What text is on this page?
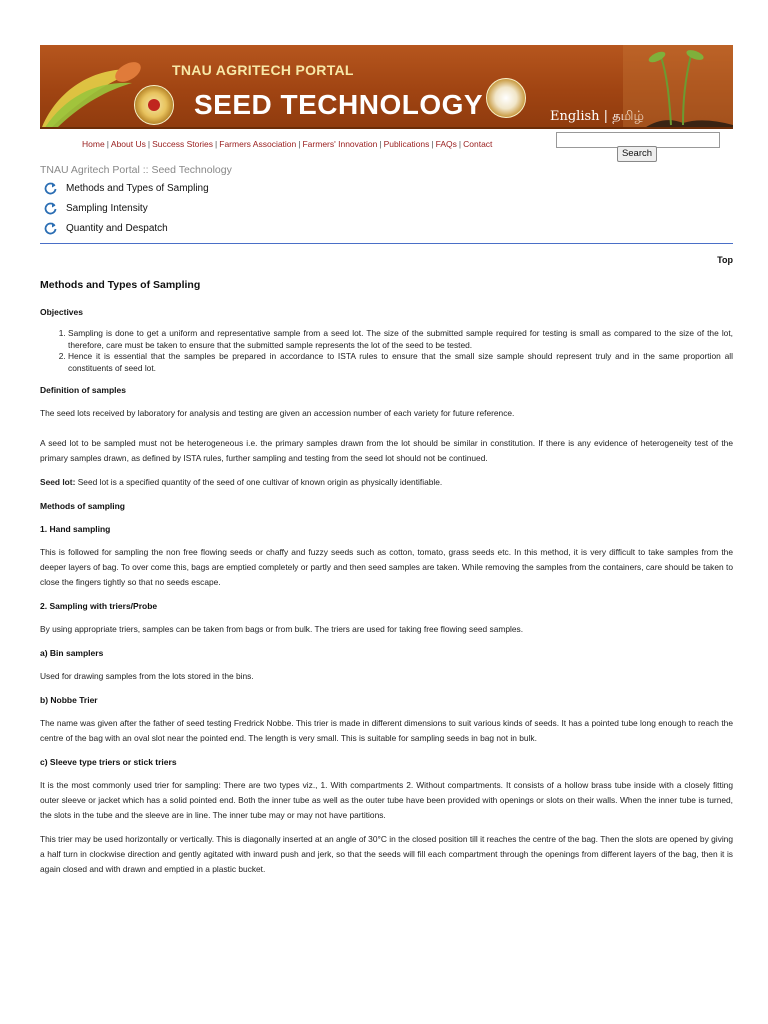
TNAU AGRITECH PORTAL
SEED TECHNOLOGY	English | தமிழ்
Home | About Us | Success Stories | Farmers Association | Farmers' Innovation | Publications | FAQs | Contact
Search
TNAU Agritech Portal :: Seed Technology
Methods and Types of Sampling
Sampling Intensity
Quantity and Despatch
Top
Methods and Types of Sampling
Objectives
1. Sampling is done to get a uniform and representative sample from a seed lot. The size of the submitted sample required for testing is small as compared to the size of the lot, therefore, care must be taken to ensure that the submitted sample represents the lot of the seed to be tested.
2. Hence it is essential that the samples be prepared in accordance to ISTA rules to ensure that the small size sample should represent truly and in the same proportion all constituents of seed lot.
Definition of samples

The seed lots received by laboratory for analysis and testing are given an accession number of each variety for future reference.

A seed lot to be sampled must not be heterogeneous i.e. the primary samples drawn from the lot should be similar in constitution. If there is any evidence of heterogeneity test of the primary samples drawn, as defined by ISTA rules, further sampling and testing from the seed lot should not be continued.

Seed lot: Seed lot is a specified quantity of the seed of one cultivar of known origin as physically identifiable.

Methods of sampling
1. Hand sampling

This is followed for sampling the non free flowing seeds or chaffy and fuzzy seeds such as cotton, tomato, grass seeds etc. In this method, it is very difficult to take samples from the deeper layers of bag. To over come this, bags are emptied completely or partly and then seed samples are taken. While removing the samples from the containers, care should be taken to close the fingers tightly so that no seeds escape.

2. Sampling with triers/Probe

By using appropriate triers, samples can be taken from bags or from bulk. The triers are used for taking free flowing seed samples.

a) Bin samplers

Used for drawing samples from the lots stored in the bins.

b) Nobbe Trier

The name was given after the father of seed testing Fredrick Nobbe. This trier is made in different dimensions to suit various kinds of seeds. It has a pointed tube long enough to reach the centre of the bag with an oval slot near the pointed end. The length is very small. This is suitable for sampling seeds in bag not in bulk.

c) Sleeve type triers or stick triers

It is the most commonly used trier for sampling: There are two types viz., 1. With compartments 2. Without compartments. It consists of a hollow brass tube inside with a closely fitting outer sleeve or jacket which has a solid pointed end. Both the inner tube as well as the outer tube have been provided with openings or slots on their walls. When the inner tube is turned, the slots in the tube and the sleeve are in line. The inner tube may or may not have partitions.

This trier may be used horizontally or vertically. This is diagonally inserted at an angle of 30°C in the closed position till it reaches the centre of the bag. Then the slots are opened by giving a half turn in clockwise direction and gently agitated with inward push and jerk, so that the seeds will fill each compartment through the openings from different layers of the bag, then it is again closed and with drawn and emptied in a plastic bucket.
